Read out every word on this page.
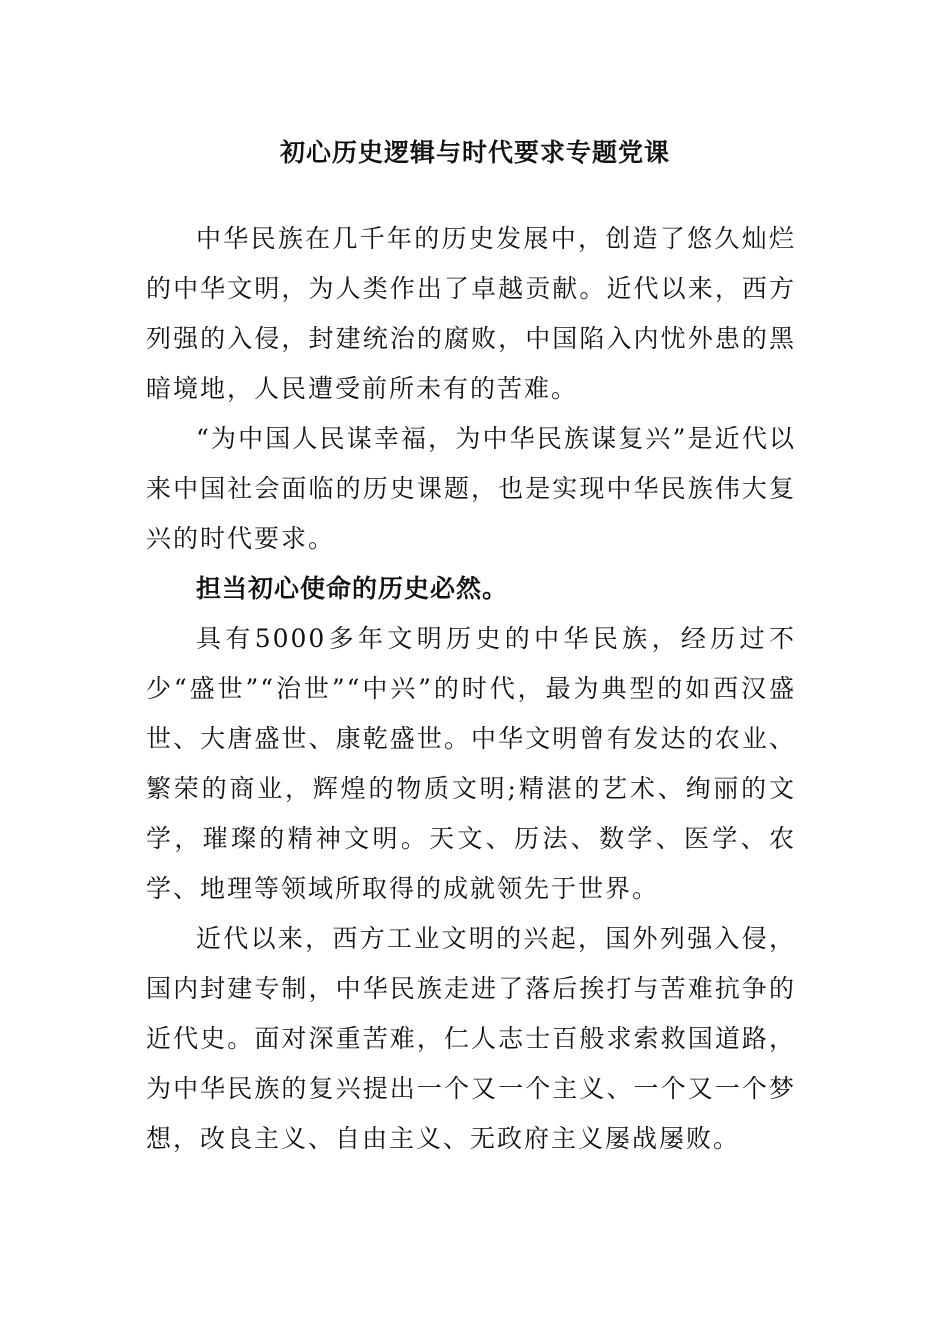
初心历史逻辑与时代要求专题党课

中华民族在几千年的历史发展中，创造了悠久灿烂的中华文明，为人类作出了卓越贡献。近代以来，西方列强的入侵，封建统治的腐败，中国陷入内忧外患的黑暗境地，人民遭受前所未有的苦难。

“为中国人民谋幸福，为中华民族谋复兴”是近代以来中国社会面临的历史课题，也是实现中华民族伟大复兴的时代要求。

担当初心使命的历史必然。

具有5000多年文明历史的中华民族，经历过不少“盛世”“治世”“中兴”的时代，最为典型的如西汉盛世、大唐盛世、康乾盛世。中华文明曾有发达的农业、繁荣的商业，辉煌的物质文明;精湛的艺术、绚丽的文学，璀璨的精神文明。天文、历法、数学、医学、农学、地理等领域所取得的成就领先于世界。

近代以来，西方工业文明的兴起，国外列强入侵，国内封建专制，中华民族走进了落后挨打与苦难抗争的近代史。面对深重苦难，仁人志士百般求索救国道路，为中华民族的复兴提出一个又一个主义、一个又一个梦想，改良主义、自由主义、无政府主义屡战屡败。
